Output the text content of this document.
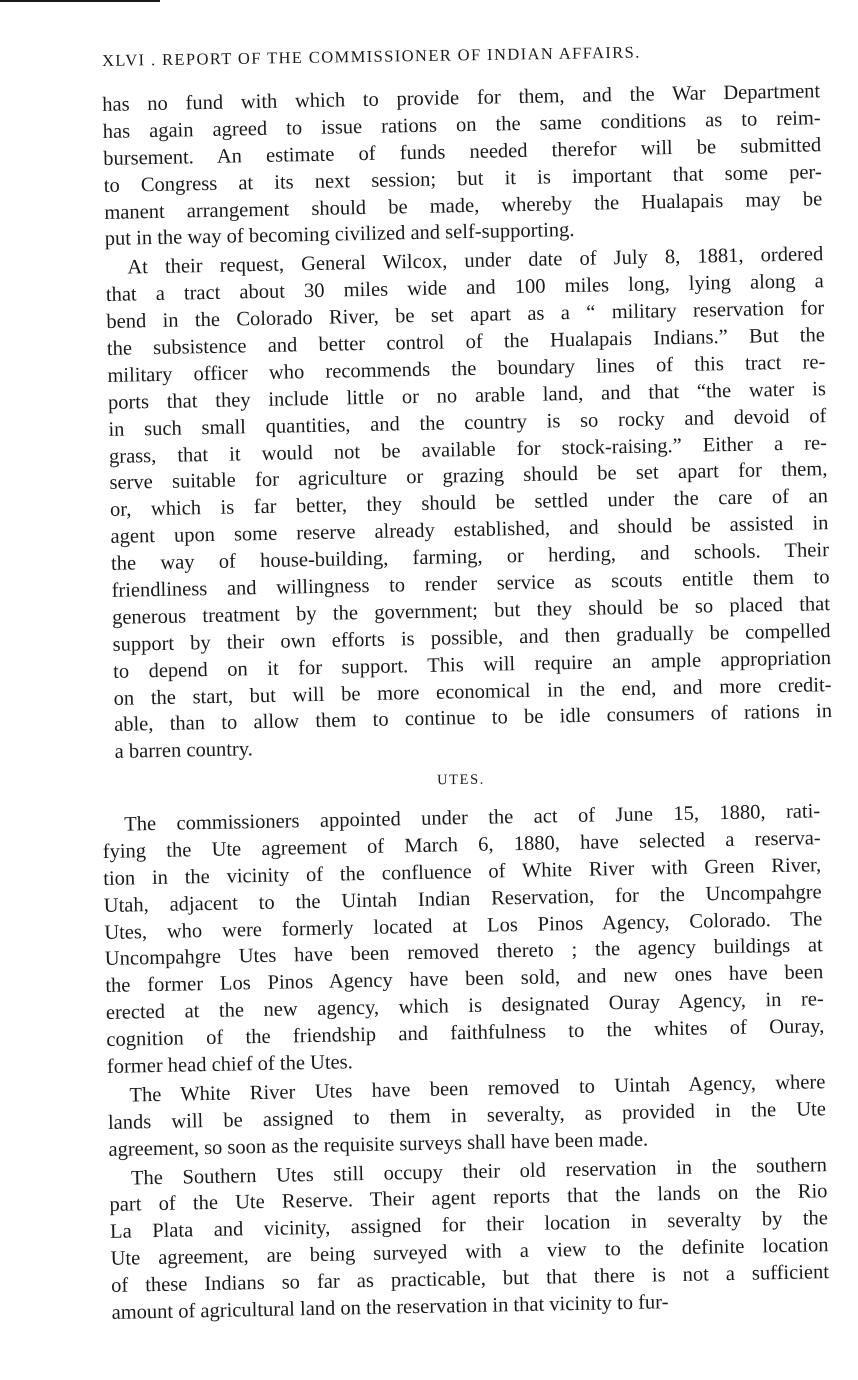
XLVI . REPORT OF THE COMMISSIONER OF INDIAN AFFAIRS.
has no fund with which to provide for them, and the War Department
has again agreed to issue rations on the same conditions as to reim-
bursement. An estimate of funds needed therefor will be submitted
to Congress at its next session; but it is important that some per-
manent arrangement should be made, whereby the Hualapais may be
put in the way of becoming civilized and self-supporting.
At their request, General Wilcox, under date of July 8, 1881, ordered
that a tract about 30 miles wide and 100 miles long, lying along a
bend in the Colorado River, be set apart as a “ military reservation for
the subsistence and better control of the Hualapais Indians.” But the
military officer who recommends the boundary lines of this tract re-
ports that they include little or no arable land, and that “the water is
in such small quantities, and the country is so rocky and devoid of
grass, that it would not be available for stock-raising.” Either a re-
serve suitable for agriculture or grazing should be set apart for them,
or, which is far better, they should be settled under the care of an
agent upon some reserve already established, and should be assisted in
the way of house-building, farming, or herding, and schools. Their
friendliness and willingness to render service as scouts entitle them to
generous treatment by the government; but they should be so placed that
support by their own efforts is possible, and then gradually be compelled
to depend on it for support. This will require an ample appropriation
on the start, but will be more economical in the end, and more credit-
able, than to allow them to continue to be idle consumers of rations in
a barren country.
UTES.
The commissioners appointed under the act of June 15, 1880, rati-
fying the Ute agreement of March 6, 1880, have selected a reserva-
tion in the vicinity of the confluence of White River with Green River,
Utah, adjacent to the Uintah Indian Reservation, for the Uncompahgre
Utes, who were formerly located at Los Pinos Agency, Colorado. The
Uncompahgre Utes have been removed thereto ; the agency buildings at
the former Los Pinos Agency have been sold, and new ones have been
erected at the new agency, which is designated Ouray Agency, in re-
cognition of the friendship and faithfulness to the whites of Ouray,
former head chief of the Utes.
The White River Utes have been removed to Uintah Agency, where
lands will be assigned to them in severalty, as provided in the Ute
agreement, so soon as the requisite surveys shall have been made.
The Southern Utes still occupy their old reservation in the southern
part of the Ute Reserve. Their agent reports that the lands on the Rio
La Plata and vicinity, assigned for their location in severalty by the
Ute agreement, are being surveyed with a view to the definite location
of these Indians so far as practicable, but that there is not a sufficient
amount of agricultural land on the reservation in that vicinity to fur-
